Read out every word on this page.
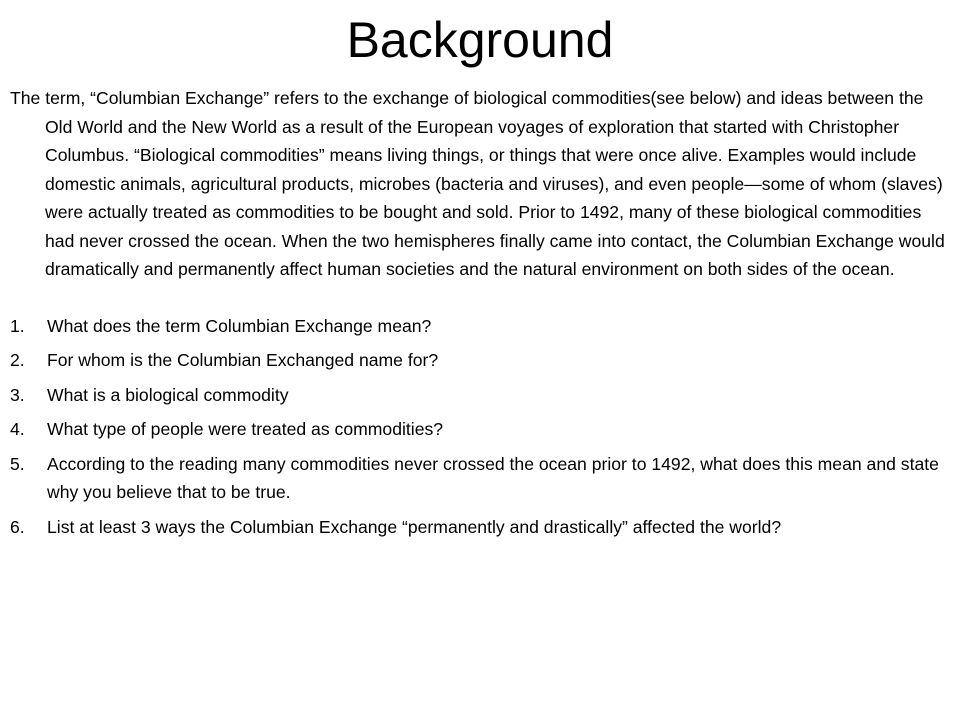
Background

The term, “Columbian Exchange” refers to the exchange of biological commodities(see below) and ideas between the Old World and the New World as a result of the European voyages of exploration that started with Christopher Columbus. “Biological commodities” means living things, or things that were once alive. Examples would include domestic animals, agricultural products, microbes (bacteria and viruses), and even people—some of whom (slaves) were actually treated as commodities to be bought and sold. Prior to 1492, many of these biological commodities had never crossed the ocean. When the two hemispheres finally came into contact, the Columbian Exchange would dramatically and permanently affect human societies and the natural environment on both sides of the ocean.

1.	What does the term Columbian Exchange mean?
2.	For whom is the Columbian Exchanged name for?
3.	What is a biological commodity
4.	What type of people were treated as commodities?
5.	According to the reading many commodities never crossed the ocean prior to 1492, what does this mean and state why you believe that to be true.
6.	List at least 3 ways the Columbian Exchange “permanently and drastically” affected the world?
